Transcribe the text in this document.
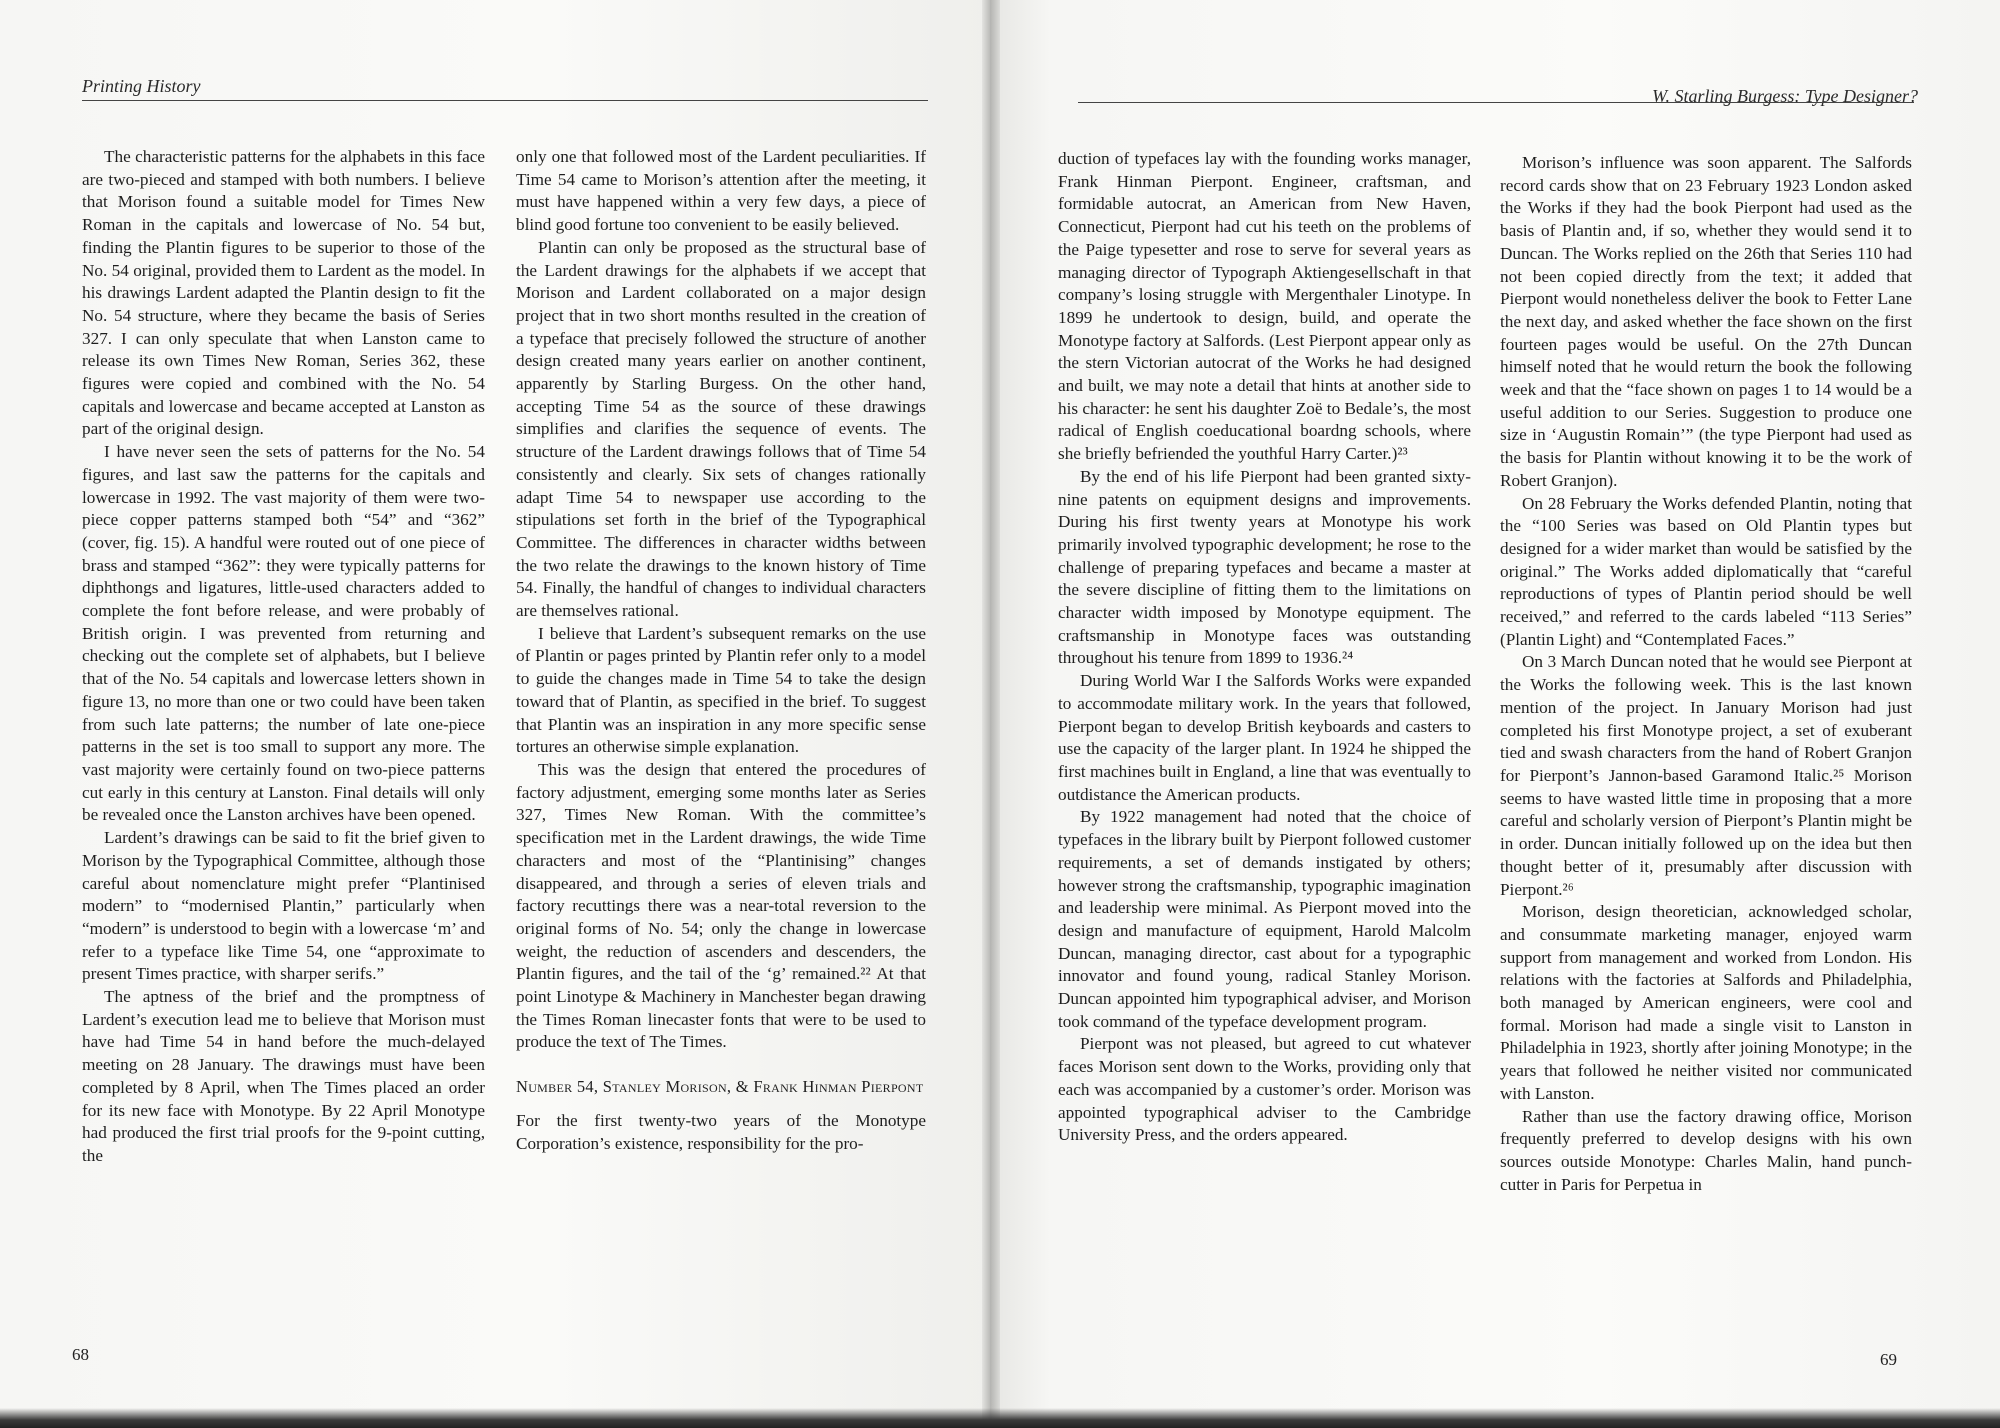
Printing History

The characteristic patterns for the alphabets in this face are two-pieced and stamped with both numbers. I believe that Morison found a suitable model for Times New Roman in the capitals and lowercase of No. 54 but, finding the Plantin figures to be superior to those of the No. 54 original, provided them to Lardent as the model. In his drawings Lardent adapted the Plantin design to fit the No. 54 structure, where they became the basis of Series 327. I can only speculate that when Lanston came to release its own Times New Roman, Series 362, these figures were copied and combined with the No. 54 capitals and lowercase and became accepted at Lanston as part of the original design.

I have never seen the sets of patterns for the No. 54 figures, and last saw the patterns for the capitals and lowercase in 1992. The vast majority of them were two-piece copper patterns stamped both “54” and “362” (cover, fig. 15). A handful were routed out of one piece of brass and stamped “362”: they were typically patterns for diphthongs and ligatures, little-used characters added to complete the font before release, and were probably of British origin. I was prevented from returning and checking out the complete set of alphabets, but I believe that of the No. 54 capitals and lowercase letters shown in figure 13, no more than one or two could have been taken from such late patterns; the number of late one-piece patterns in the set is too small to support any more. The vast majority were certainly found on two-piece patterns cut early in this century at Lanston. Final details will only be revealed once the Lanston archives have been opened.

Lardent’s drawings can be said to fit the brief given to Morison by the Typographical Committee, although those careful about nomenclature might prefer “Plantinised modern” to “modernised Plantin,” particularly when “modern” is understood to begin with a lowercase ‘m’ and refer to a typeface like Time 54, one “approximate to present Times practice, with sharper serifs.”

The aptness of the brief and the promptness of Lardent’s execution lead me to believe that Morison must have had Time 54 in hand before the much-delayed meeting on 28 January. The drawings must have been completed by 8 April, when The Times placed an order for its new face with Monotype. By 22 April Monotype had produced the first trial proofs for the 9-point cutting, the

only one that followed most of the Lardent peculiarities. If Time 54 came to Morison’s attention after the meeting, it must have happened within a very few days, a piece of blind good fortune too convenient to be easily believed.

Plantin can only be proposed as the structural base of the Lardent drawings for the alphabets if we accept that Morison and Lardent collaborated on a major design project that in two short months resulted in the creation of a typeface that precisely followed the structure of another design created many years earlier on another continent, apparently by Starling Burgess. On the other hand, accepting Time 54 as the source of these drawings simplifies and clarifies the sequence of events. The structure of the Lardent drawings follows that of Time 54 consistently and clearly. Six sets of changes rationally adapt Time 54 to newspaper use according to the stipulations set forth in the brief of the Typographical Committee. The differences in character widths between the two relate the drawings to the known history of Time 54. Finally, the handful of changes to individual characters are themselves rational.

I believe that Lardent’s subsequent remarks on the use of Plantin or pages printed by Plantin refer only to a model to guide the changes made in Time 54 to take the design toward that of Plantin, as specified in the brief. To suggest that Plantin was an inspiration in any more specific sense tortures an otherwise simple explanation.

This was the design that entered the procedures of factory adjustment, emerging some months later as Series 327, Times New Roman. With the committee’s specification met in the Lardent drawings, the wide Time characters and most of the “Plantinising” changes disappeared, and through a series of eleven trials and factory recuttings there was a near-total reversion to the original forms of No. 54; only the change in lowercase weight, the reduction of ascenders and descenders, the Plantin figures, and the tail of the ‘g’ remained.²² At that point Linotype & Machinery in Manchester began drawing the Times Roman linecaster fonts that were to be used to produce the text of The Times.

Number 54, Stanley Morison, & Frank Hinman Pierpont

For the first twenty-two years of the Monotype Corporation’s existence, responsibility for the pro-

68
W. Starling Burgess: Type Designer?

duction of typefaces lay with the founding works manager, Frank Hinman Pierpont. Engineer, craftsman, and formidable autocrat, an American from New Haven, Connecticut, Pierpont had cut his teeth on the problems of the Paige typesetter and rose to serve for several years as managing director of Typograph Aktiengesellschaft in that company’s losing struggle with Mergenthaler Linotype. In 1899 he undertook to design, build, and operate the Monotype factory at Salfords. (Lest Pierpont appear only as the stern Victorian autocrat of the Works he had designed and built, we may note a detail that hints at another side to his character: he sent his daughter Zoë to Bedale’s, the most radical of English coeducational boardng schools, where she briefly befriended the youthful Harry Carter.)²³

By the end of his life Pierpont had been granted sixty-nine patents on equipment designs and improvements. During his first twenty years at Monotype his work primarily involved typographic development; he rose to the challenge of preparing typefaces and became a master at the severe discipline of fitting them to the limitations on character width imposed by Monotype equipment. The craftsmanship in Monotype faces was outstanding throughout his tenure from 1899 to 1936.²⁴

During World War I the Salfords Works were expanded to accommodate military work. In the years that followed, Pierpont began to develop British keyboards and casters to use the capacity of the larger plant. In 1924 he shipped the first machines built in England, a line that was eventually to outdistance the American products.

By 1922 management had noted that the choice of typefaces in the library built by Pierpont followed customer requirements, a set of demands instigated by others; however strong the craftsmanship, typographic imagination and leadership were minimal. As Pierpont moved into the design and manufacture of equipment, Harold Malcolm Duncan, managing director, cast about for a typographic innovator and found young, radical Stanley Morison. Duncan appointed him typographical adviser, and Morison took command of the typeface development program.

Pierpont was not pleased, but agreed to cut whatever faces Morison sent down to the Works, providing only that each was accompanied by a customer’s order. Morison was appointed typographical adviser to the Cambridge University Press, and the orders appeared.

Morison’s influence was soon apparent. The Salfords record cards show that on 23 February 1923 London asked the Works if they had the book Pierpont had used as the basis of Plantin and, if so, whether they would send it to Duncan. The Works replied on the 26th that Series 110 had not been copied directly from the text; it added that Pierpont would nonetheless deliver the book to Fetter Lane the next day, and asked whether the face shown on the first fourteen pages would be useful. On the 27th Duncan himself noted that he would return the book the following week and that the “face shown on pages 1 to 14 would be a useful addition to our Series. Suggestion to produce one size in ‘Augustin Romain’” (the type Pierpont had used as the basis for Plantin without knowing it to be the work of Robert Granjon).

On 28 February the Works defended Plantin, noting that the “100 Series was based on Old Plantin types but designed for a wider market than would be satisfied by the original.” The Works added diplomatically that “careful reproductions of types of Plantin period should be well received,” and referred to the cards labeled “113 Series” (Plantin Light) and “Contemplated Faces.”

On 3 March Duncan noted that he would see Pierpont at the Works the following week. This is the last known mention of the project. In January Morison had just completed his first Monotype project, a set of exuberant tied and swash characters from the hand of Robert Granjon for Pierpont’s Jannon-based Garamond Italic.²⁵ Morison seems to have wasted little time in proposing that a more careful and scholarly version of Pierpont’s Plantin might be in order. Duncan initially followed up on the idea but then thought better of it, presumably after discussion with Pierpont.²⁶

Morison, design theoretician, acknowledged scholar, and consummate marketing manager, enjoyed warm support from management and worked from London. His relations with the factories at Salfords and Philadelphia, both managed by American engineers, were cool and formal. Morison had made a single visit to Lanston in Philadelphia in 1923, shortly after joining Monotype; in the years that followed he neither visited nor communicated with Lanston.

Rather than use the factory drawing office, Morison frequently preferred to develop designs with his own sources outside Monotype: Charles Malin, hand punch-cutter in Paris for Perpetua in

69
